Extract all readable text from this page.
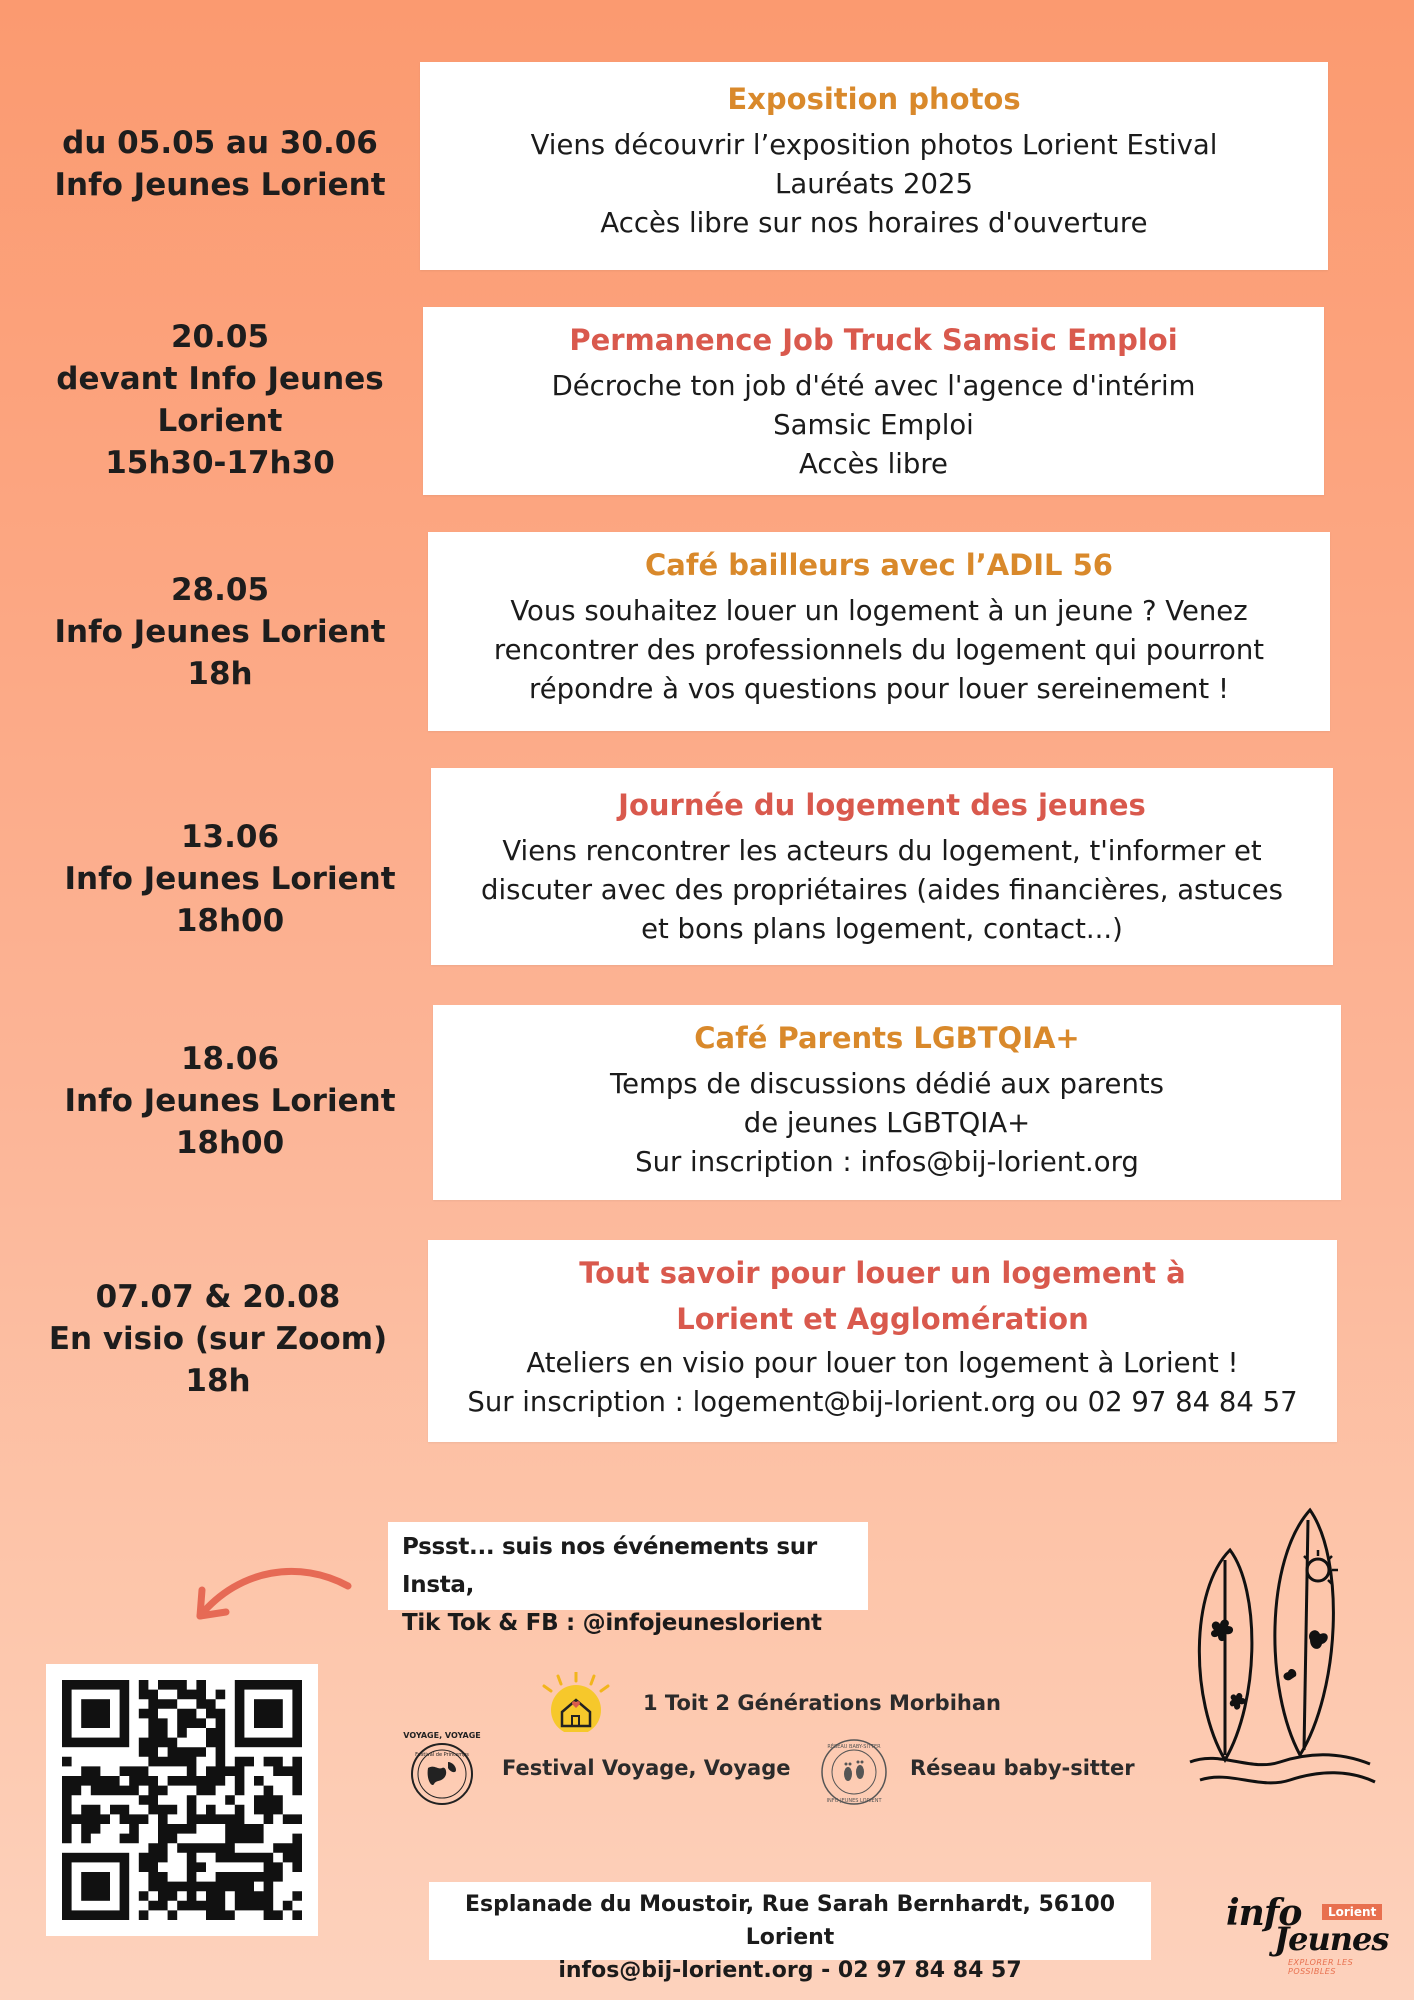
du 05.05 au 30.06
Info Jeunes Lorient
Exposition photos
Viens découvrir l’exposition photos Lorient Estival
Lauréats 2025
Accès libre sur nos horaires d'ouverture
20.05
devant Info Jeunes
Lorient
15h30-17h30
Permanence Job Truck Samsic Emploi
Décroche ton job d'été avec l'agence d'intérim
Samsic Emploi
Accès libre
28.05
Info Jeunes Lorient
18h
Café bailleurs avec l’ADIL 56
Vous souhaitez louer un logement à un jeune ? Venez
rencontrer des professionnels du logement qui pourront
répondre à vos questions pour louer sereinement !
13.06
Info Jeunes Lorient
18h00
Journée du logement des jeunes
Viens rencontrer les acteurs du logement, t'informer et
discuter avec des propriétaires (aides financières, astuces
et bons plans logement, contact...)
18.06
Info Jeunes Lorient
18h00
Café Parents LGBTQIA+
Temps de discussions dédié aux parents
de jeunes LGBTQIA+
Sur inscription : infos@bij-lorient.org
07.07 & 20.08
En visio (sur Zoom)
18h
Tout savoir pour louer un logement à
Lorient et Agglomération
Ateliers en visio pour louer ton logement à Lorient !
Sur inscription : logement@bij-lorient.org ou 02 97 84 84 57
Pssst... suis nos événements sur Insta,
Tik Tok & FB : @infojeuneslorient
1 Toit 2 Générations Morbihan
VOYAGE, VOYAGE
Festival de Printemps
Festival Voyage, Voyage
RÉSEAU BABY-SITTER
INFO JEUNES LORIENT
Réseau baby-sitter
Esplanade du Moustoir, Rue Sarah Bernhardt, 56100 Lorient
infos@bij-lorient.org - 02 97 84 84 57
info	Lorient
Jeunes
EXPLORER LES POSSIBLES
